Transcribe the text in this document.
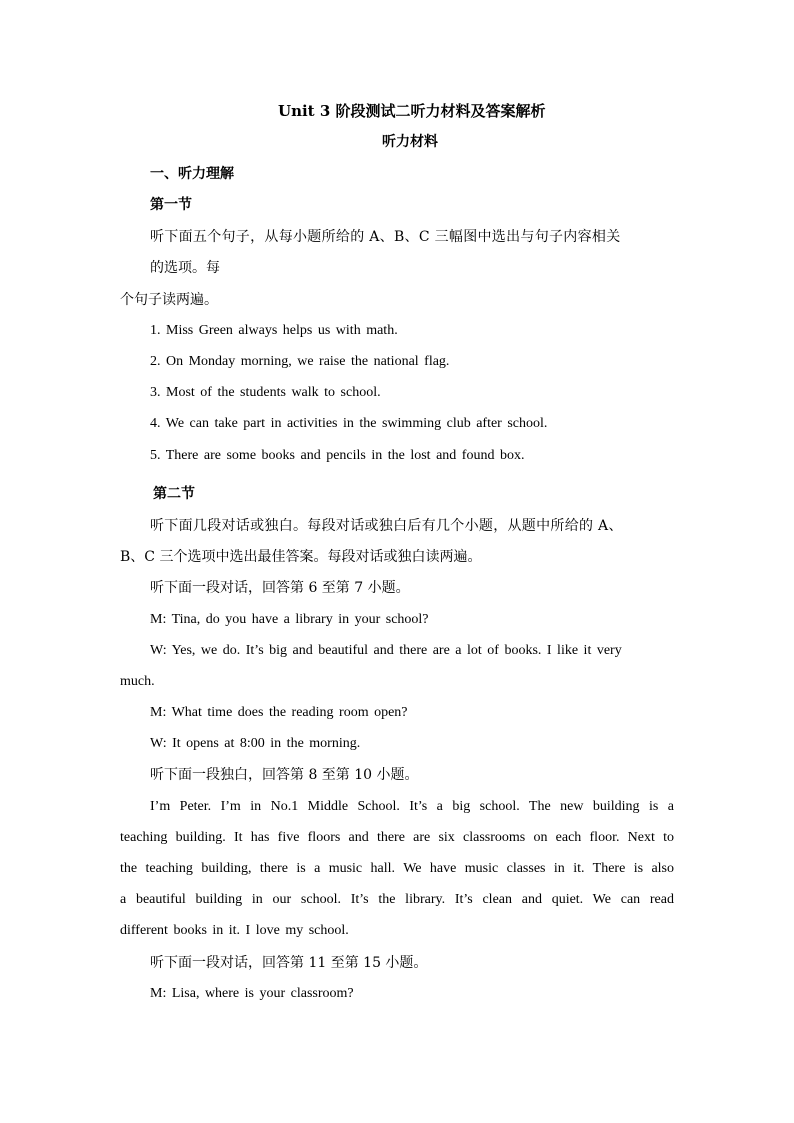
Unit 3 阶段测试二听力材料及答案解析
听力材料
一、听力理解
第一节
听下面五个句子，从每小题所给的 A、B、C 三幅图中选出与句子内容相关
的选项。每
个句子读两遍。
1. Miss Green always helps us with math.
2. On Monday morning, we raise the national flag.
3. Most of the students walk to school.
4. We can take part in activities in the swimming club after school.
5. There are some books and pencils in the lost and found box.
第二节
听下面几段对话或独白。每段对话或独白后有几个小题，从题中所给的 A、
B、C 三个选项中选出最佳答案。每段对话或独白读两遍。
听下面一段对话，回答第 6 至第 7 小题。
M: Tina, do you have a library in your school?
W: Yes, we do. It’s big and beautiful and there are a lot of books. I like it very
much.
M: What time does the reading room open?
W: It opens at 8:00 in the morning.
听下面一段独白，回答第 8 至第 10 小题。
I’m Peter. I’m in No.1 Middle School. It’s a big school. The new building is a
teaching building. It has five floors and there are six classrooms on each floor. Next to
the teaching building, there is a music hall. We have music classes in it. There is also
a beautiful building in our school. It’s the library. It’s clean and quiet. We can read
different books in it. I love my school.
听下面一段对话，回答第 11 至第 15 小题。
M: Lisa, where is your classroom?
